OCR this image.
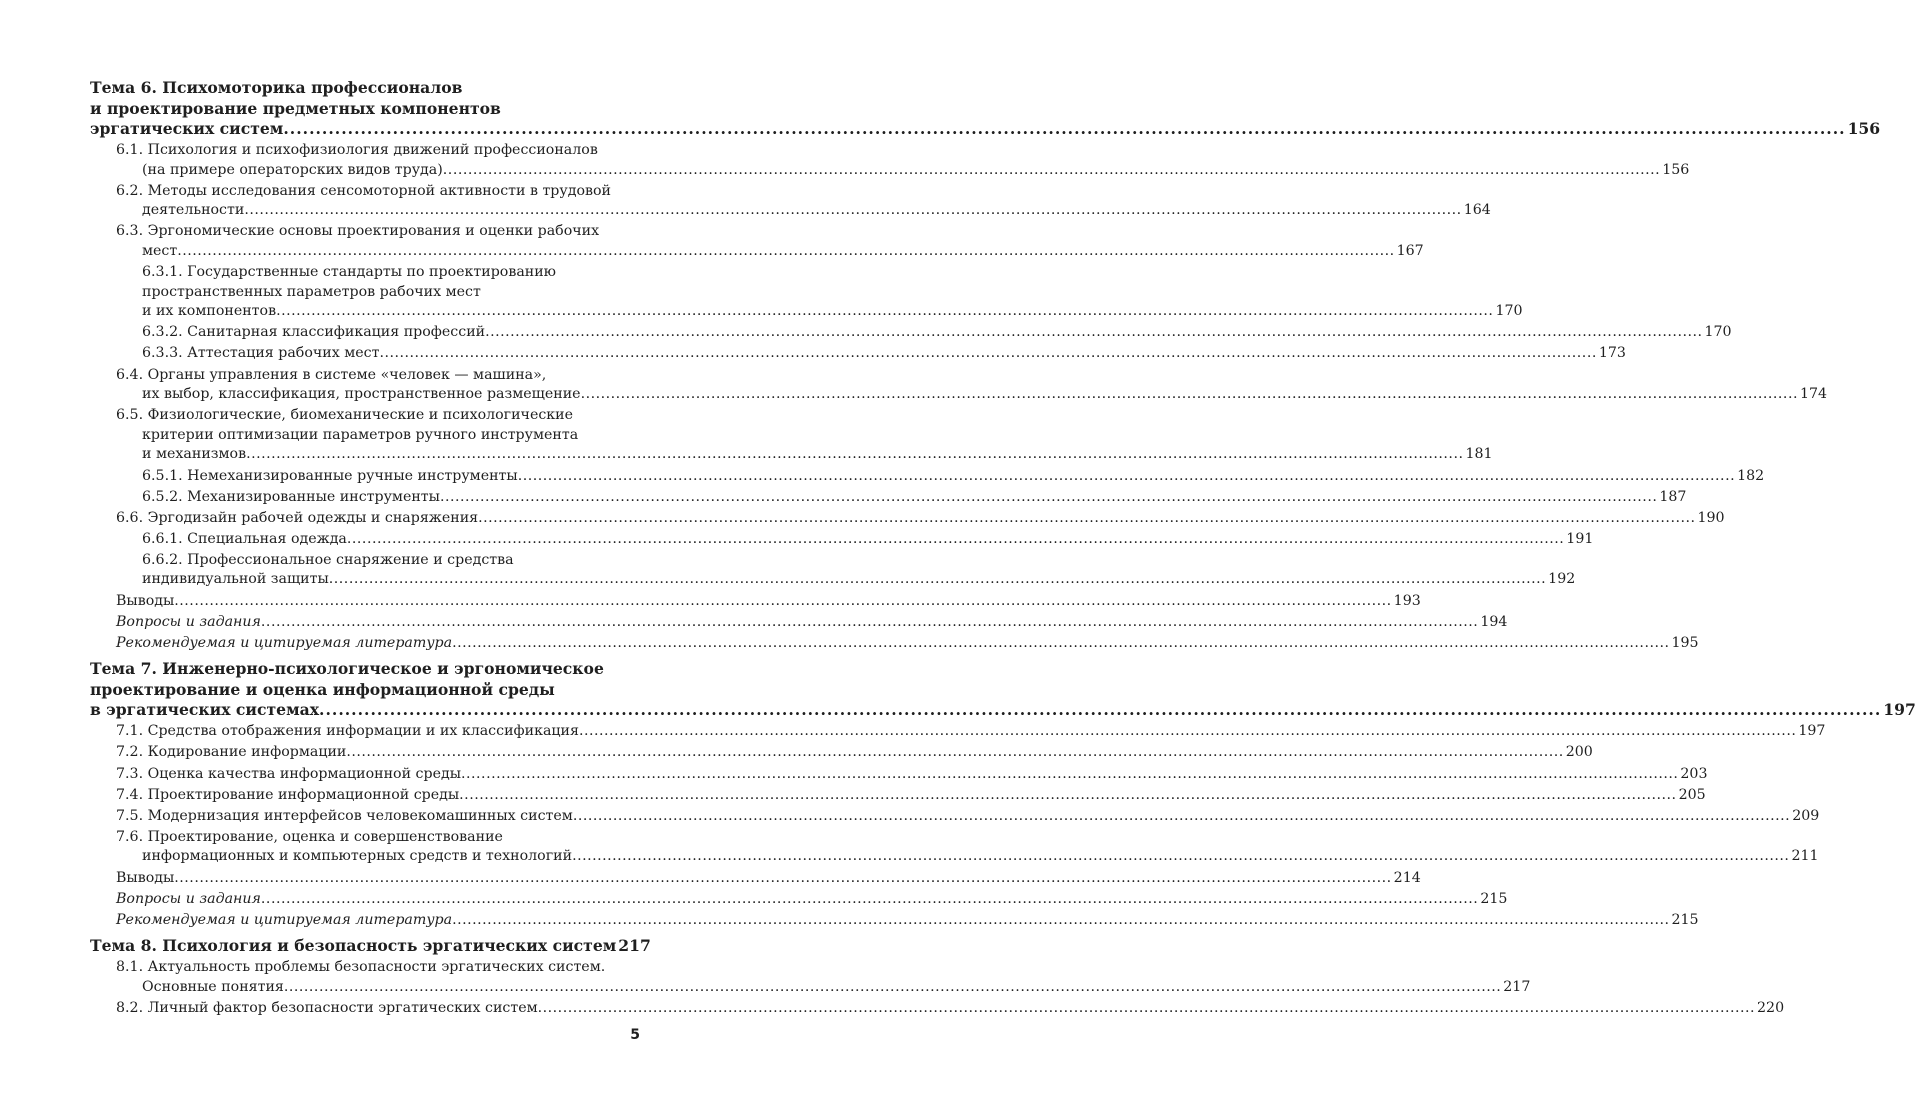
Тема 6. Психомоторика профессионалов
и проектирование предметных компонентов
эргатических систем .....	156
6.1. Психология и психофизиология движений профессионалов
(на примере операторских видов труда) .....	156
6.2. Методы исследования сенсомоторной активности в трудовой
деятельности .....	164
6.3. Эргономические основы проектирования и оценки рабочих
мест .....	167
6.3.1. Государственные стандарты по проектированию
пространственных параметров рабочих мест
и их компонентов .....	170
6.3.2. Санитарная классификация профессий .....	170
6.3.3. Аттестация рабочих мест .....	173
6.4. Органы управления в системе «человек — машина»,
их выбор, классификация, пространственное размещение .....	174
6.5. Физиологические, биомеханические и психологические
критерии оптимизации параметров ручного инструмента
и механизмов .....	181
6.5.1. Немеханизированные ручные инструменты .....	182
6.5.2. Механизированные инструменты .....	187
6.6. Эргодизайн рабочей одежды и снаряжения .....	190
6.6.1. Специальная одежда .....	191
6.6.2. Профессиональное снаряжение и средства
индивидуальной защиты .....	192
Выводы .....	193
Вопросы и задания .....	194
Рекомендуемая и цитируемая литература .....	195
Тема 7. Инженерно-психологическое и эргономическое
проектирование и оценка информационной среды
в эргатических системах .....	197
7.1. Средства отображения информации и их классификация .....	197
7.2. Кодирование информации .....	200
7.3. Оценка качества информационной среды .....	203
7.4. Проектирование информационной среды .....	205
7.5. Модернизация интерфейсов человекомашинных систем .....	209
7.6. Проектирование, оценка и совершенствование
информационных и компьютерных средств и технологий .....	211
Выводы .....	214
Вопросы и задания .....	215
Рекомендуемая и цитируемая литература .....	215
Тема 8. Психология и безопасность эргатических систем 217
8.1. Актуальность проблемы безопасности эргатических систем.
Основные понятия .....	217
8.2. Личный фактор безопасности эргатических систем .....	220
5
